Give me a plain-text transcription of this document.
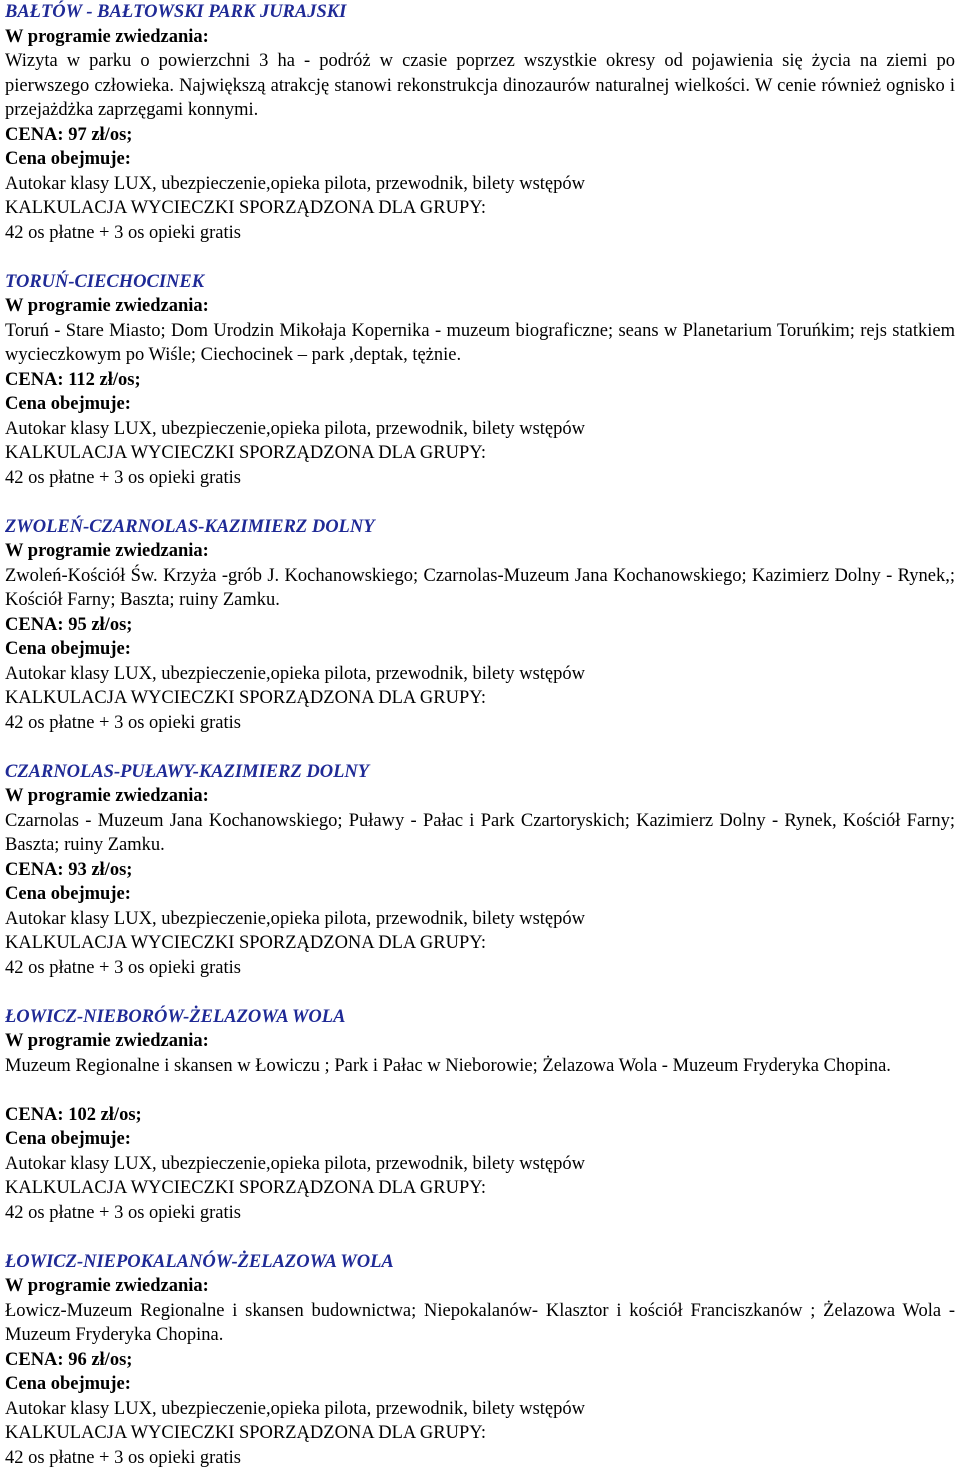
BAŁTÓW - BAŁTOWSKI PARK JURAJSKI
W programie zwiedzania:
Wizyta w parku o powierzchni 3 ha - podróż w czasie poprzez wszystkie okresy od pojawienia się życia na ziemi po pierwszego człowieka. Największą atrakcję stanowi rekonstrukcja dinozaurów naturalnej wielkości. W cenie również ognisko i przejażdżka zaprzęgami konnymi.
CENA: 97 zł/os;
Cena obejmuje:
Autokar klasy LUX, ubezpieczenie,opieka pilota, przewodnik, bilety wstępów
KALKULACJA WYCIECZKI SPORZĄDZONA DLA GRUPY:
42 os płatne + 3 os opieki gratis
TORUŃ-CIECHOCINEK
W programie zwiedzania:
Toruń - Stare Miasto; Dom Urodzin Mikołaja Kopernika - muzeum biograficzne; seans w Planetarium Toruńkim; rejs statkiem wycieczkowym po Wiśle; Ciechocinek – park ,deptak, tężnie.
CENA: 112 zł/os;
Cena obejmuje:
Autokar klasy LUX, ubezpieczenie,opieka pilota, przewodnik, bilety wstępów
KALKULACJA WYCIECZKI SPORZĄDZONA DLA GRUPY:
42 os płatne + 3 os opieki gratis
ZWOLEŃ-CZARNOLAS-KAZIMIERZ DOLNY
W programie zwiedzania:
Zwoleń-Kościół Św. Krzyża -grób J. Kochanowskiego; Czarnolas-Muzeum Jana Kochanowskiego; Kazimierz Dolny - Rynek,; Kościół Farny; Baszta; ruiny Zamku.
CENA: 95 zł/os;
Cena obejmuje:
Autokar klasy LUX, ubezpieczenie,opieka pilota, przewodnik, bilety wstępów
KALKULACJA WYCIECZKI SPORZĄDZONA DLA GRUPY:
42 os płatne + 3 os opieki gratis
CZARNOLAS-PUŁAWY-KAZIMIERZ DOLNY
W programie zwiedzania:
Czarnolas - Muzeum Jana Kochanowskiego; Puławy - Pałac i Park Czartoryskich; Kazimierz Dolny - Rynek, Kościół Farny; Baszta; ruiny Zamku.
CENA: 93 zł/os;
Cena obejmuje:
Autokar klasy LUX, ubezpieczenie,opieka pilota, przewodnik, bilety wstępów
KALKULACJA WYCIECZKI SPORZĄDZONA DLA GRUPY:
42 os płatne + 3 os opieki gratis
ŁOWICZ-NIEBORÓW-ŻELAZOWA WOLA
W programie zwiedzania:
Muzeum Regionalne i skansen w Łowiczu ; Park i Pałac w Nieborowie; Żelazowa Wola - Muzeum Fryderyka Chopina.
CENA: 102 zł/os;
Cena obejmuje:
Autokar klasy LUX, ubezpieczenie,opieka pilota, przewodnik, bilety wstępów
KALKULACJA WYCIECZKI SPORZĄDZONA DLA GRUPY:
42 os płatne + 3 os opieki gratis
ŁOWICZ-NIEPOKALANÓW-ŻELAZOWA WOLA
W programie zwiedzania:
Łowicz-Muzeum Regionalne i skansen budownictwa; Niepokalanów- Klasztor i kościół Franciszkanów ; Żelazowa Wola - Muzeum Fryderyka Chopina.
CENA: 96 zł/os;
Cena obejmuje:
Autokar klasy LUX, ubezpieczenie,opieka pilota, przewodnik, bilety wstępów
KALKULACJA WYCIECZKI SPORZĄDZONA DLA GRUPY:
42 os płatne + 3 os opieki gratis
